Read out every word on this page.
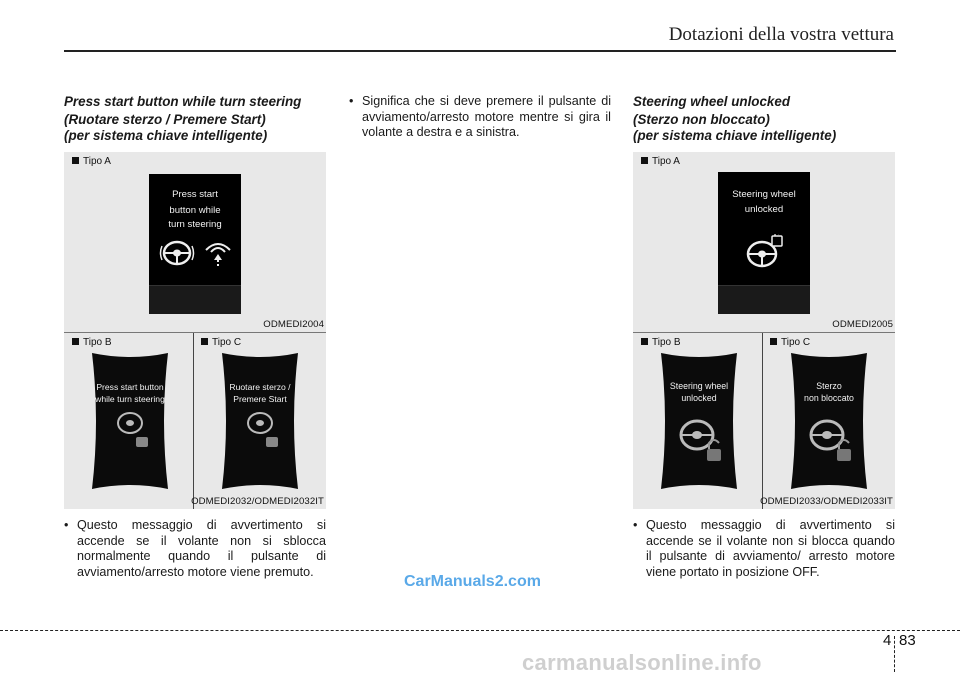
Dotazioni della vostra vettura

Press start button while turn steering
(Ruotare sterzo / Premere Start)
(per sistema chiave intelligente)

Tipo A
Press start
button while
turn steering
ODMEDI2004
Tipo B	Tipo C
Press start button
while turn steering
Ruotare sterzo /
Premere Start
ODMEDI2032/ODMEDI2032IT

• Questo messaggio di avvertimento si accende se il volante non si sblocca normalmente quando il pulsante di avviamento/arresto motore viene premuto.

• Significa che si deve premere il pulsante di avviamento/arresto motore mentre si gira il volante a destra e a sinistra.

Steering wheel unlocked
(Sterzo non bloccato)
(per sistema chiave intelligente)

Tipo A
Steering wheel
unlocked
ODMEDI2005
Tipo B	Tipo C
Steering wheel
unlocked
Sterzo
non bloccato
ODMEDI2033/ODMEDI2033IT

• Questo messaggio di avvertimento si accende se il volante non si blocca quando il pulsante di avviamento/ arresto motore viene portato in posizione OFF.

CarManuals2.com
4 83
carmanualsonline.info
